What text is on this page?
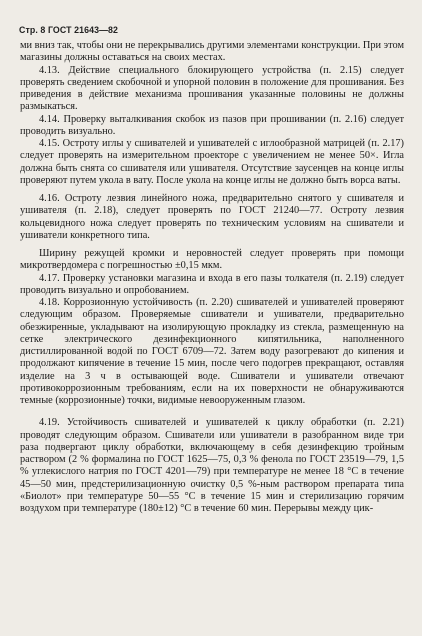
Стр. 8 ГОСТ 21643—82

ми вниз так, чтобы они не перекрывались другими элементами конструкции. При этом магазины должны оставаться на своих местах.

4.13. Действие специального блокирующего устройства (п. 2.15) следует проверять сведением скобочной и упорной половин в положение для прошивания. Без приведения в действие механизма прошивания указанные половины не должны размыкаться.

4.14. Проверку выталкивания скобок из пазов при прошивании (п. 2.16) следует проводить визуально.

4.15. Остроту иглы у сшивателей и ушивателей с иглообразной матрицей (п. 2.17) следует проверять на измерительном проекторе с увеличением не менее 50×. Игла должна быть снята со сшивателя или ушивателя. Отсутствие заусенцев на конце иглы проверяют путем укола в вату. После укола на конце иглы не должно быть ворса ваты.

4.16. Остроту лезвия линейного ножа, предварительно снятого у сшивателя и ушивателя (п. 2.18), следует проверять по ГОСТ 21240—77. Остроту лезвия кольцевидного ножа следует проверять по техническим условиям на сшиватели и ушиватели конкретного типа.

Ширину режущей кромки и неровностей следует проверять при помощи микротвердомера с погрешностью ±0,15 мкм.

4.17. Проверку установки магазина и входа в его пазы толкателя (п. 2.19) следует проводить визуально и опробованием.

4.18. Коррозионную устойчивость (п. 2.20) сшивателей и ушивателей проверяют следующим образом. Проверяемые сшиватели и ушиватели, предварительно обезжиренные, укладывают на изолирующую прокладку из стекла, размещенную на сетке электрического дезинфекционного кипятильника, наполненного дистиллированной водой по ГОСТ 6709—72. Затем воду разогревают до кипения и продолжают кипячение в течение 15 мин, после чего подогрев прекращают, оставляя изделие на 3 ч в остывающей воде. Сшиватели и ушиватели отвечают противокоррозионным требованиям, если на их поверхности не обнаруживаются темные (коррозионные) точки, видимые невооруженным глазом.

4.19. Устойчивость сшивателей и ушивателей к циклу обработки (п. 2.21) проводят следующим образом. Сшиватели или ушиватели в разобранном виде три раза подвергают циклу обработки, включающему в себя дезинфекцию тройным раствором (2 % формалина по ГОСТ 1625—75, 0,3 % фенола по ГОСТ 23519—79, 1,5 % углекислого натрия по ГОСТ 4201—79) при температуре не менее 18 °С в течение 45—50 мин, предстерилизационную очистку 0,5 %-ным раствором препарата типа «Биолот» при температуре 50—55 °С в течение 15 мин и стерилизацию горячим воздухом при температуре (180±12) °С в течение 60 мин. Перерывы между цик-
